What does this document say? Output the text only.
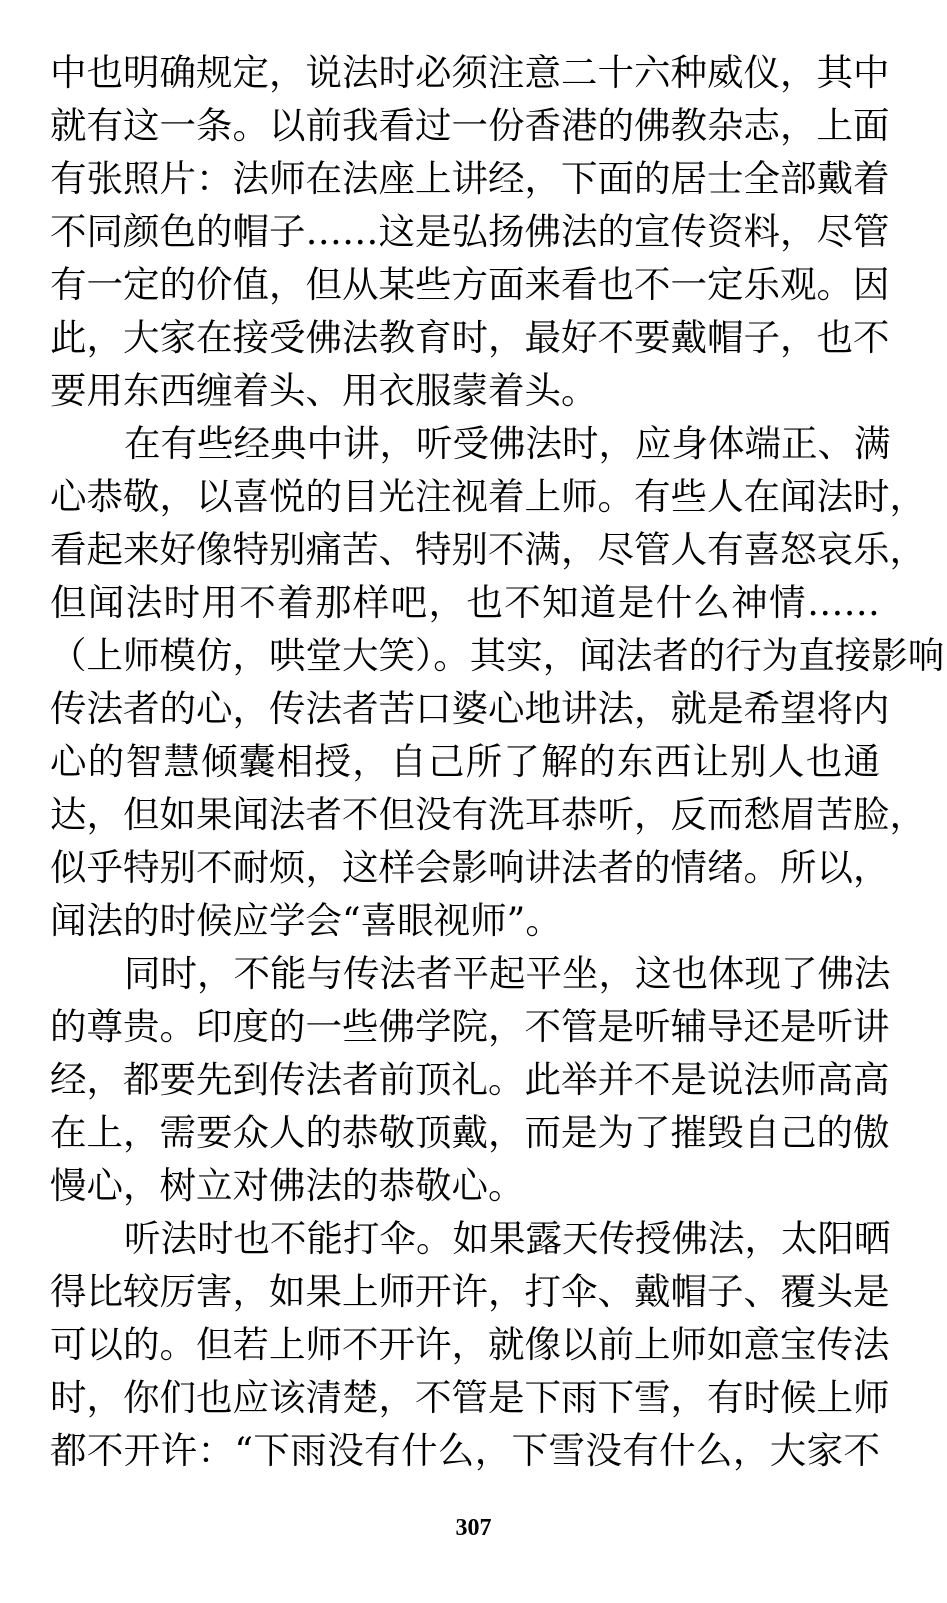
中也明确规定，说法时必须注意二十六种威仪，其中
就有这一条。以前我看过一份香港的佛教杂志，上面
有张照片：法师在法座上讲经，下面的居士全部戴着
不同颜色的帽子……这是弘扬佛法的宣传资料，尽管
有一定的价值，但从某些方面来看也不一定乐观。因
此，大家在接受佛法教育时，最好不要戴帽子，也不
要用东西缠着头、用衣服蒙着头。
在有些经典中讲，听受佛法时，应身体端正、满
心恭敬，以喜悦的目光注视着上师。有些人在闻法时，
看起来好像特别痛苦、特别不满，尽管人有喜怒哀乐，
但闻法时用不着那样吧，也不知道是什么神情……
（上师模仿，哄堂大笑）。其实，闻法者的行为直接影响
传法者的心，传法者苦口婆心地讲法，就是希望将内
心的智慧倾囊相授，自己所了解的东西让别人也通
达，但如果闻法者不但没有洗耳恭听，反而愁眉苦脸，
似乎特别不耐烦，这样会影响讲法者的情绪。所以，
闻法的时候应学会“喜眼视师”。
同时，不能与传法者平起平坐，这也体现了佛法
的尊贵。印度的一些佛学院，不管是听辅导还是听讲
经，都要先到传法者前顶礼。此举并不是说法师高高
在上，需要众人的恭敬顶戴，而是为了摧毁自己的傲
慢心，树立对佛法的恭敬心。
听法时也不能打伞。如果露天传授佛法，太阳晒
得比较厉害，如果上师开许，打伞、戴帽子、覆头是
可以的。但若上师不开许，就像以前上师如意宝传法
时，你们也应该清楚，不管是下雨下雪，有时候上师
都不开许：“下雨没有什么，下雪没有什么，大家不
307
